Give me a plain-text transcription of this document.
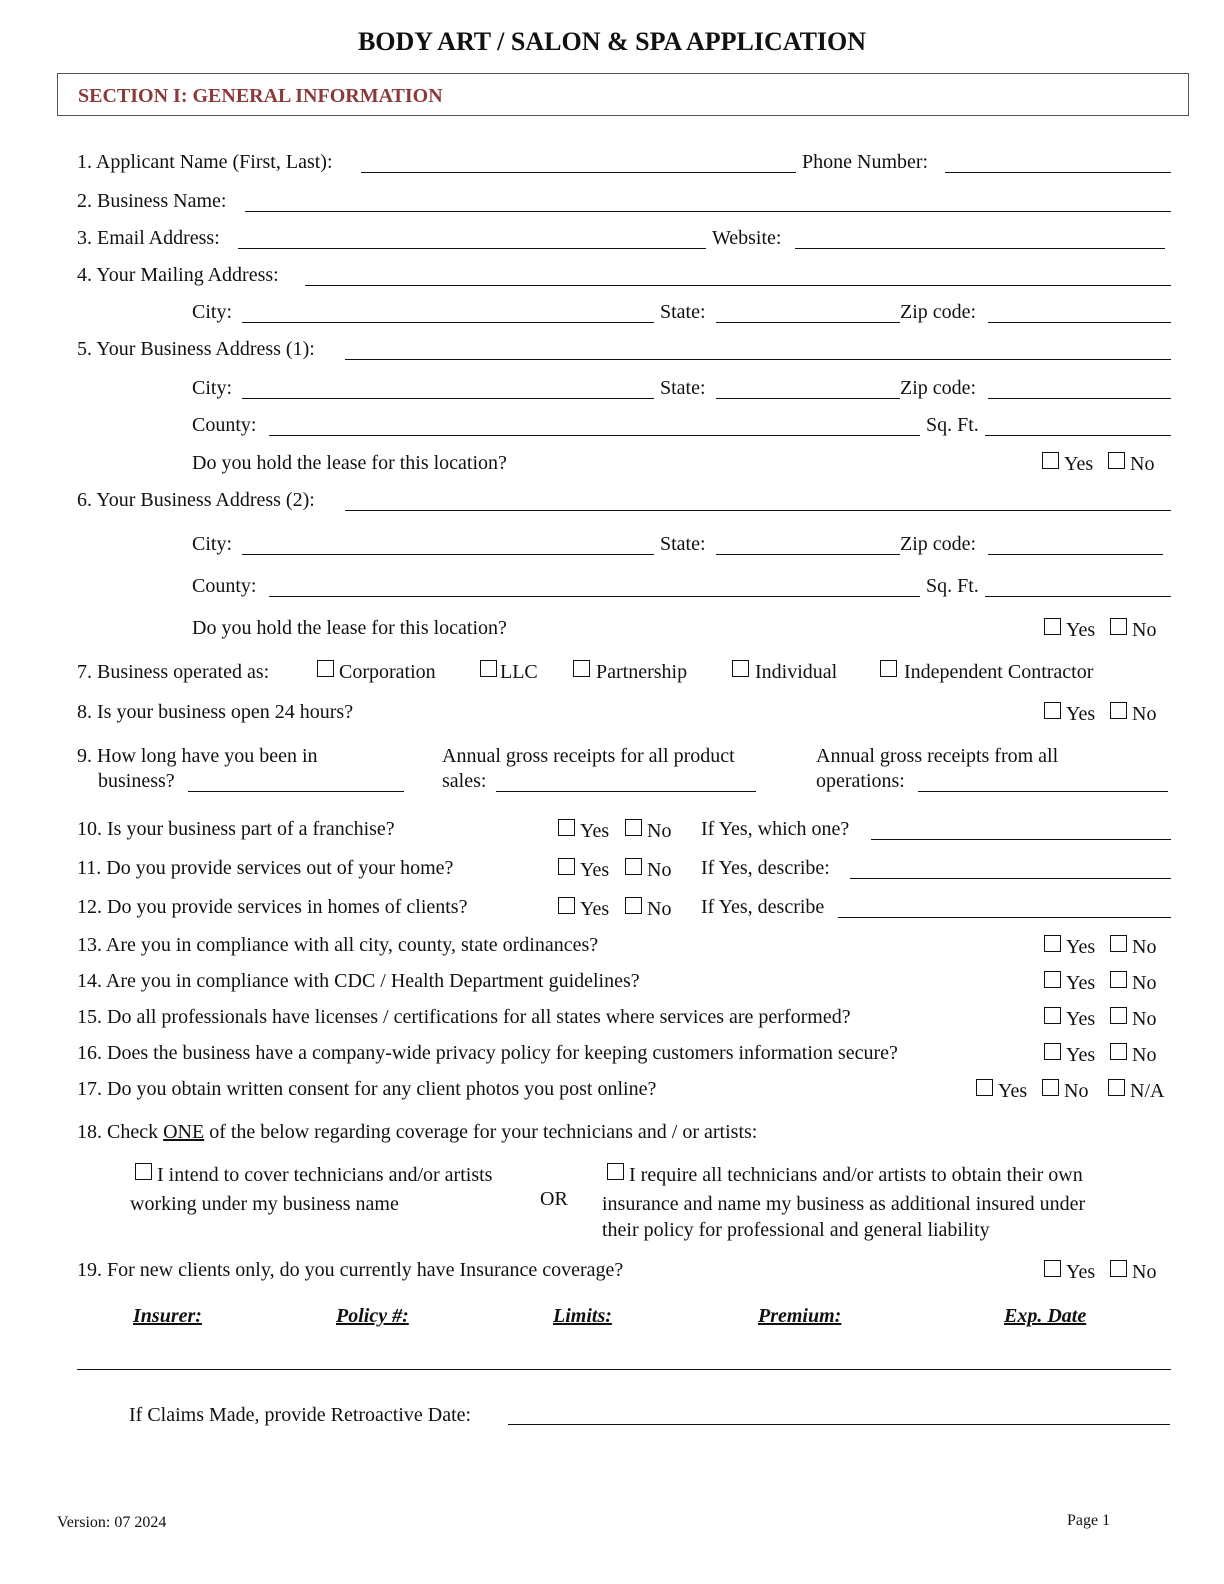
BODY ART / SALON & SPA APPLICATION
SECTION I: GENERAL INFORMATION
1. Applicant Name (First, Last):	Phone Number:
2. Business Name:
3. Email Address:	Website:
4. Your Mailing Address:
City:	State:	Zip code:
5. Your Business Address (1):
City:	State:	Zip code:
County:	Sq. Ft.
Do you hold the lease for this location?	Yes No
6. Your Business Address (2):
City:	State:	Zip code:
County:	Sq. Ft.
Do you hold the lease for this location?	Yes No
7. Business operated as:	Corporation	LLC	Partnership	Individual	Independent Contractor
8. Is your business open 24 hours?	Yes No
9. How long have you been in
business?
Annual gross receipts for all product
sales:
Annual gross receipts from all
operations:
10. Is your business part of a franchise?	Yes No If Yes, which one?
11. Do you provide services out of your home?	Yes No If Yes, describe:
12. Do you provide services in homes of clients?	Yes No If Yes, describe
13. Are you in compliance with all city, county, state ordinances?	Yes No
14. Are you in compliance with CDC / Health Department guidelines?	Yes No
15. Do all professionals have licenses / certifications for all states where services are performed?	Yes No
16. Does the business have a company-wide privacy policy for keeping customers information secure?	Yes No
17. Do you obtain written consent for any client photos you post online?	Yes No N/A
18. Check ONE of the below regarding coverage for your technicians and / or artists:
I intend to cover technicians and/or artists
working under my business name	OR
I require all technicians and/or artists to obtain their own
insurance and name my business as additional insured under
their policy for professional and general liability
19. For new clients only, do you currently have Insurance coverage?	Yes No
Insurer:	Policy #:	Limits:	Premium:	Exp. Date
If Claims Made, provide Retroactive Date:
Version: 07 2024	Page 1
